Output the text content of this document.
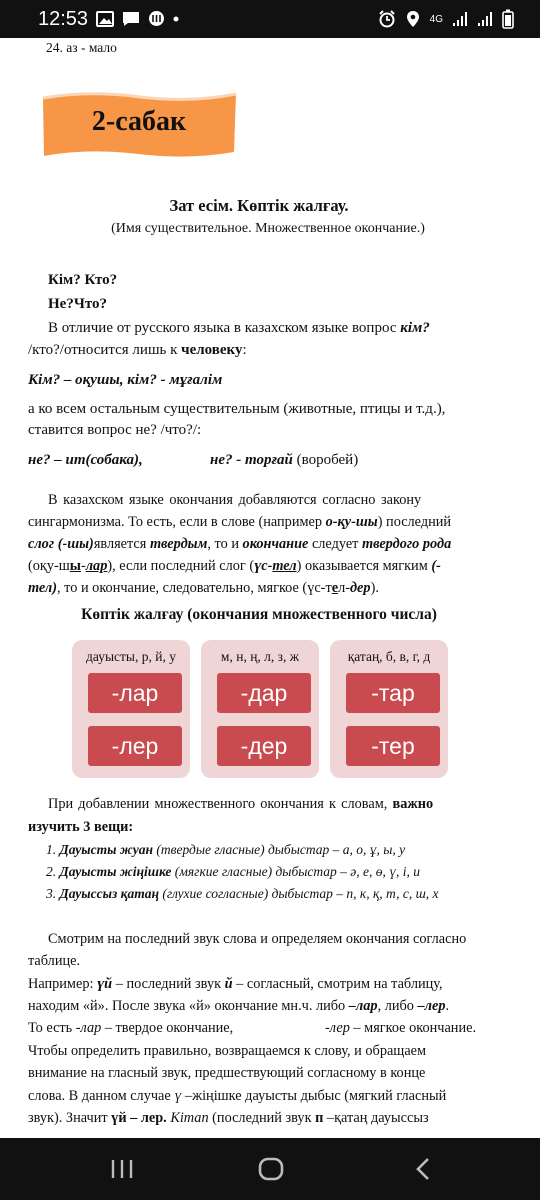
12:53	4G
24. аз - мало
2-сабак
Зат есім. Көптік жалғау.
(Имя существительное. Множественное окончание.)
Кім? Кто?
Не?Что?
В отличие от русского языка в казахском языке вопрос кім?
/кто?/относится лишь к человеку:
Кім? – оқушы, кім? - мұғалім
а ко всем остальным существительным (животные, птицы и т.д.),
ставится вопрос не? /что?/:
не? – ит(собака),	не? - торғай (воробей)
В казахском языке окончания добавляются согласно закону
сингармонизма. То есть, если в слове (например о-қу-шы) последний
слог (-шы)является твердым, то и окончание следует твердого рода
(оқу-шы-лар), если последний слог (үс-тел) оказывается мягким (-
тел), то и окончание, следовательно, мягкое (үс-тел-дер).
Көптік жалғау (окончания множественного числа)
дауысты, р, й, у
-лар
-лер
м, н, ң, л, з, ж
-дар
-дер
қатаң, б, в, г, д
-тар
-тер
При добавлении множественного окончания к словам, важно
изучить 3 вещи:
1. Дауысты жуан (твердые гласные) дыбыстар – а, о, ұ, ы, у
2. Дауысты жіңішке (мягкие гласные) дыбыстар – ә, е, ө, ү, і, и
3. Дауыссыз қатаң (глухие согласные) дыбыстар – п, к, қ, т, с, ш, х
Смотрим на последний звук слова и определяем окончания согласно
таблице.
Например: үй – последний звук й – согласный, смотрим на таблицу,
находим «й». После звука «й» окончание мн.ч. либо –лар, либо –лер.
То есть -лар – твердое окончание,	-лер – мягкое окончание.
Чтобы определить правильно, возвращаемся к слову, и обращаем
внимание на гласный звук, предшествующий согласному в конце
слова. В данном случае ү –жіңішке дауысты дыбыс (мягкий гласный
звук). Значит үй – лер. Кітап (последний звук п –қатаң дауыссыз
